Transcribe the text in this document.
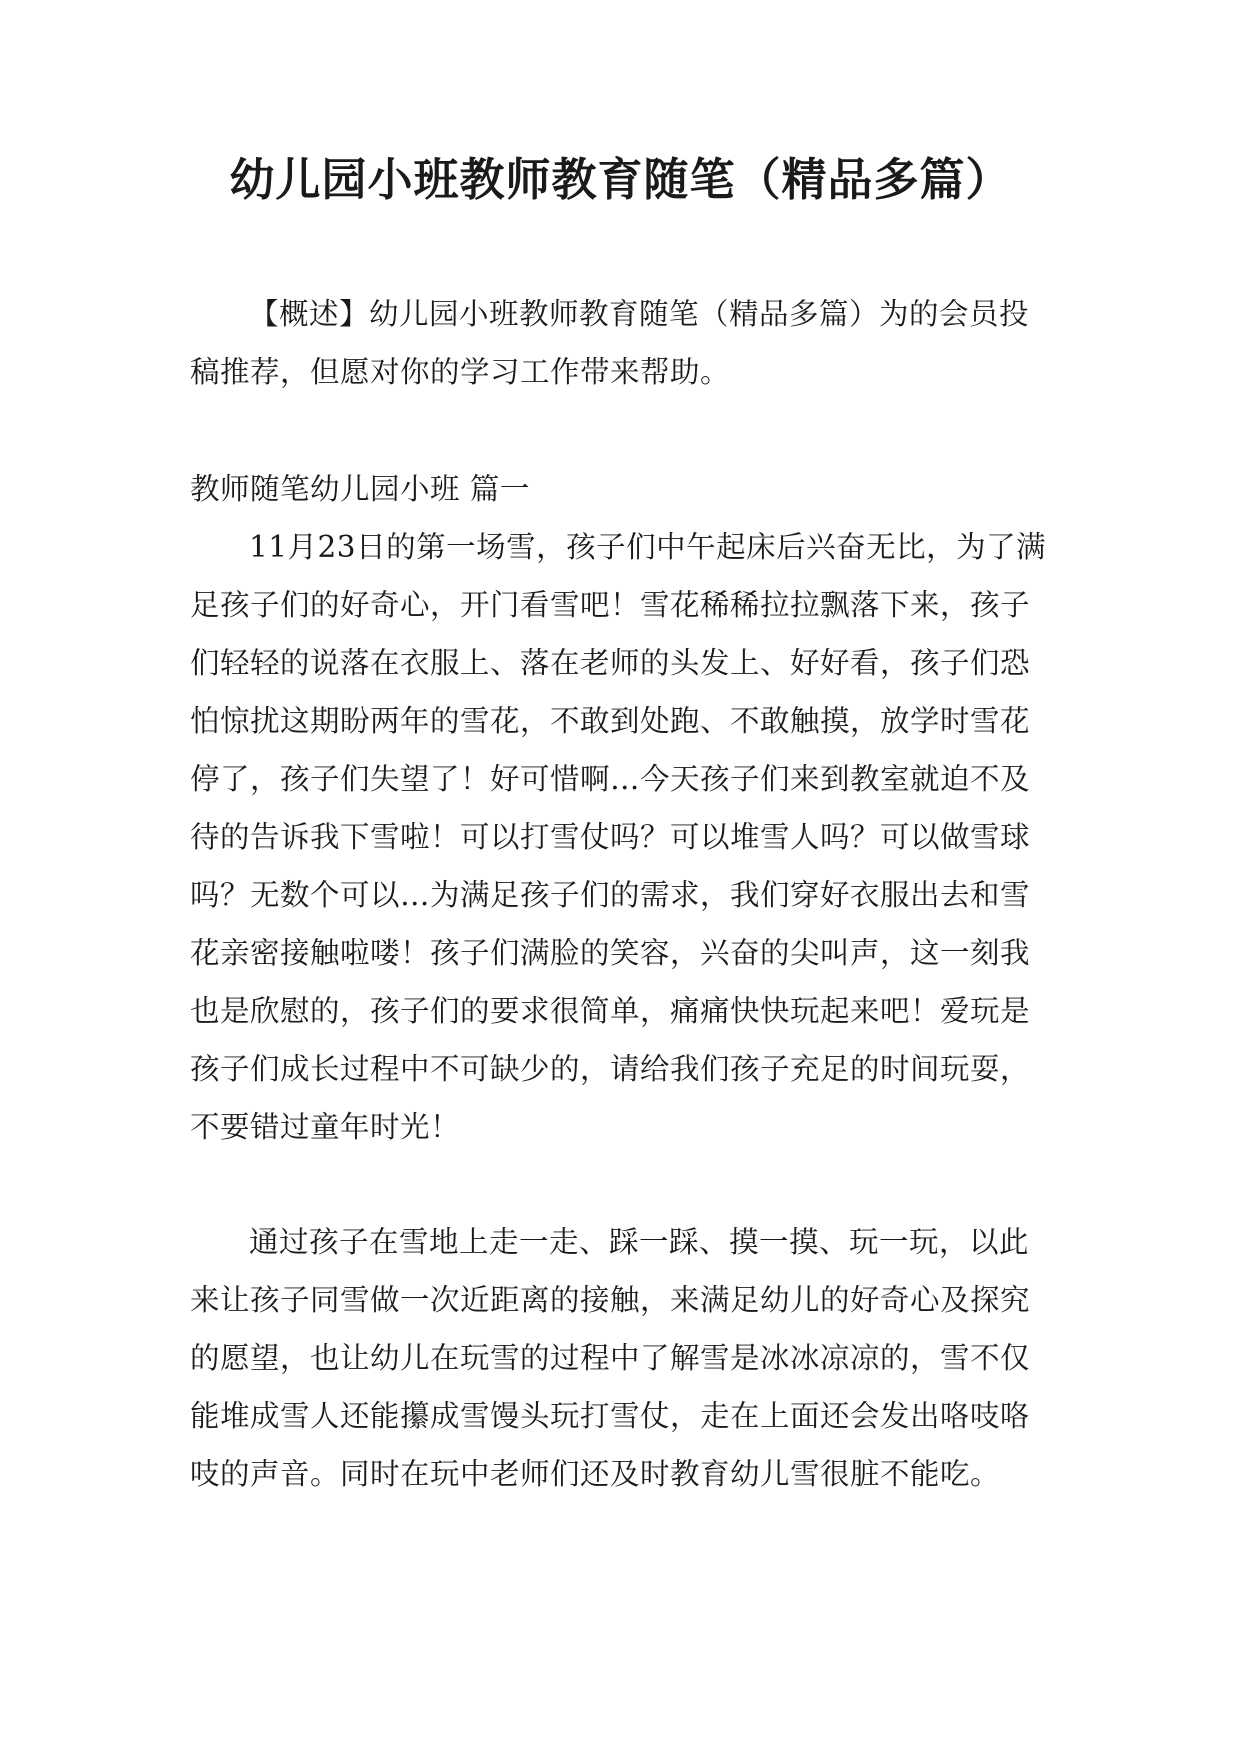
幼儿园小班教师教育随笔（精品多篇）

【概述】幼儿园小班教师教育随笔（精品多篇）为的会员投稿推荐，但愿对你的学习工作带来帮助。

教师随笔幼儿园小班 篇一

11月23日的第一场雪，孩子们中午起床后兴奋无比，为了满足孩子们的好奇心，开门看雪吧！雪花稀稀拉拉飘落下来，孩子们轻轻的说落在衣服上、落在老师的头发上、好好看，孩子们恐怕惊扰这期盼两年的雪花，不敢到处跑、不敢触摸，放学时雪花停了，孩子们失望了！好可惜啊…今天孩子们来到教室就迫不及待的告诉我下雪啦！可以打雪仗吗？可以堆雪人吗？可以做雪球吗？无数个可以…为满足孩子们的需求，我们穿好衣服出去和雪花亲密接触啦喽！孩子们满脸的笑容，兴奋的尖叫声，这一刻我也是欣慰的，孩子们的要求很简单，痛痛快快玩起来吧！爱玩是孩子们成长过程中不可缺少的，请给我们孩子充足的时间玩耍，不要错过童年时光！

通过孩子在雪地上走一走、踩一踩、摸一摸、玩一玩，以此来让孩子同雪做一次近距离的接触，来满足幼儿的好奇心及探究的愿望，也让幼儿在玩雪的过程中了解雪是冰冰凉凉的，雪不仅能堆成雪人还能攥成雪馒头玩打雪仗，走在上面还会发出咯吱咯吱的声音。同时在玩中老师们还及时教育幼儿雪很脏不能吃。
